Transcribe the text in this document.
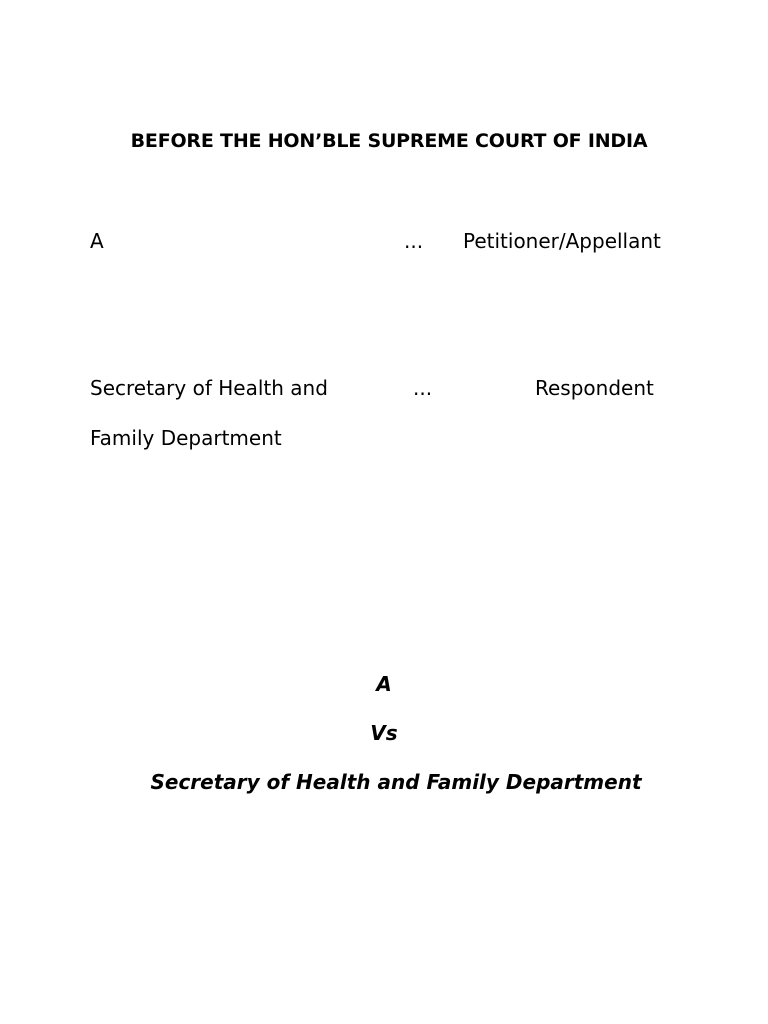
BEFORE THE HON’BLE SUPREME COURT OF INDIA
A	... Petitioner/Appellant
Secretary of Health and	...	Respondent
Family Department
A
Vs
Secretary of Health and Family Department
